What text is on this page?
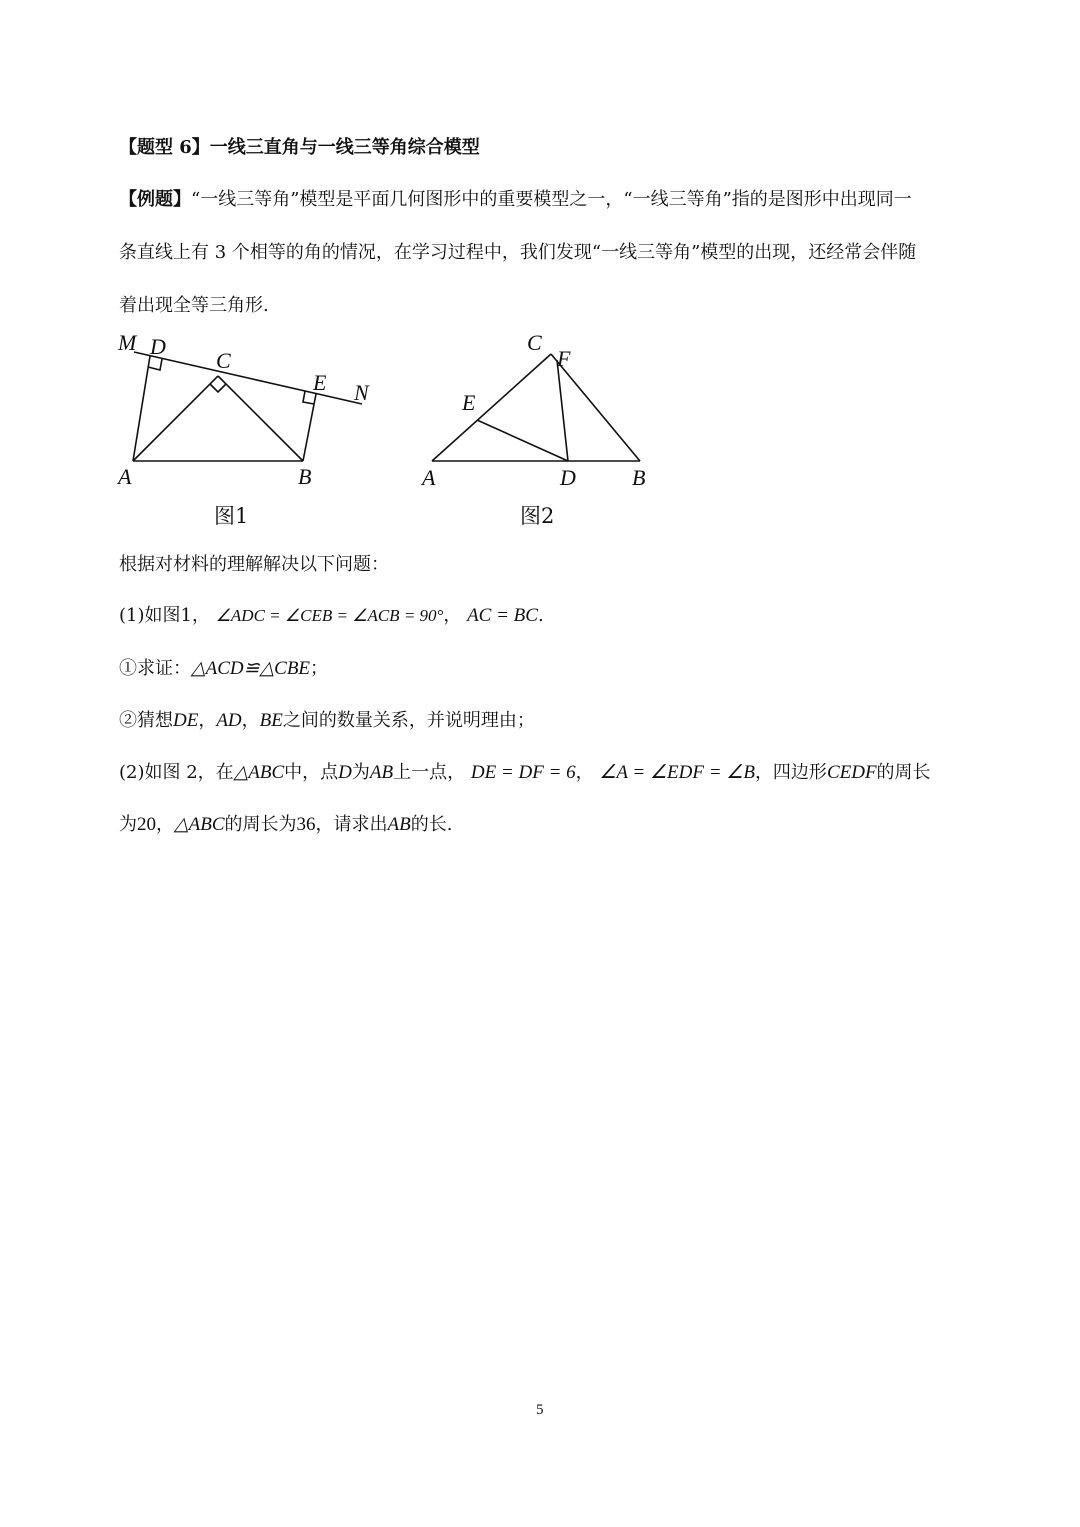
【题型 6】一线三直角与一线三等角综合模型
【例题】“一线三等角”模型是平面几何图形中的重要模型之一，“一线三等角”指的是图形中出现同一
条直线上有 3 个相等的角的情况，在学习过程中，我们发现“一线三等角”模型的出现，还经常会伴随
着出现全等三角形.
M D
C
E N
A	B
C
F
E
A	D	B
图1	图2
根据对材料的理解解决以下问题：
(1)如图1， ∠ADC = ∠CEB = ∠ACB = 90°， AC = BC.
①求证：△ACD≌△CBE；
②猜想DE，AD，BE之间的数量关系，并说明理由；
(2)如图 2，在△ABC中，点D为AB上一点， DE = DF = 6， ∠A = ∠EDF = ∠B，四边形CEDF的周长
为20，△ABC的周长为36，请求出AB的长.
5
